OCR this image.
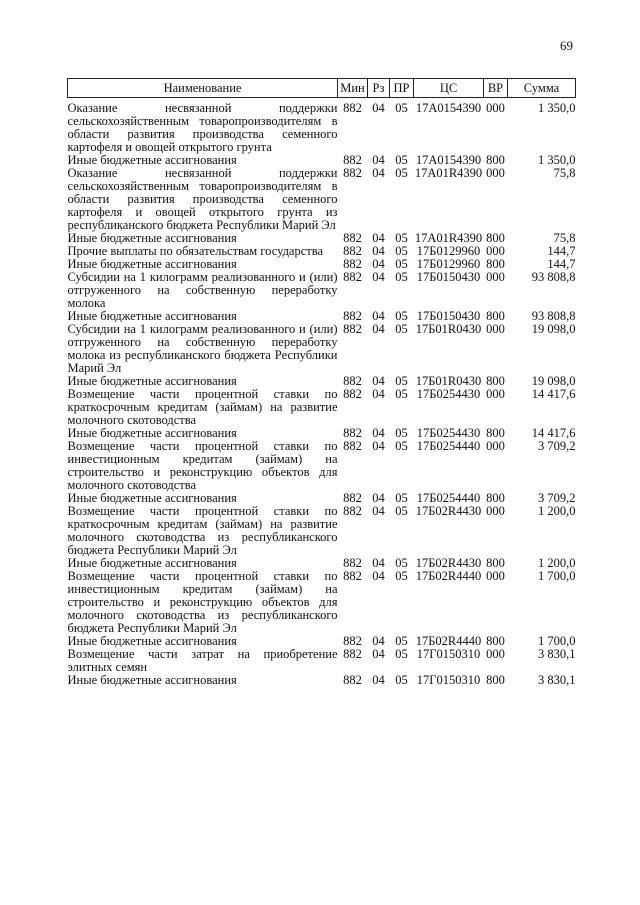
69
Наименование	Мин	Рз	ПР	ЦС	ВР	Сумма
Оказание несвязанной поддержки сельскохозяйственным товаропроизводителям в области развития производства семенного картофеля и овощей открытого грунта	882	04	05	17А0154390	000	1 350,0
Иные бюджетные ассигнования	882	04	05	17А0154390	800	1 350,0
Оказание несвязанной поддержки сельскохозяйственным товаропроизводителям в области развития производства семенного картофеля и овощей открытого грунта из республиканского бюджета Республики Марий Эл	882	04	05	17А01R4390	000	75,8
Иные бюджетные ассигнования	882	04	05	17А01R4390	800	75,8
Прочие выплаты по обязательствам государства	882	04	05	17Б0129960	000	144,7
Иные бюджетные ассигнования	882	04	05	17Б0129960	800	144,7
Субсидии на 1 килограмм реализованного и (или) отгруженного на собственную переработку молока	882	04	05	17Б0150430	000	93 808,8
Иные бюджетные ассигнования	882	04	05	17Б0150430	800	93 808,8
Субсидии на 1 килограмм реализованного и (или) отгруженного на собственную переработку молока из республиканского бюджета Республики Марий Эл	882	04	05	17Б01R0430	000	19 098,0
Иные бюджетные ассигнования	882	04	05	17Б01R0430	800	19 098,0
Возмещение части процентной ставки по краткосрочным кредитам (займам) на развитие молочного скотоводства	882	04	05	17Б0254430	000	14 417,6
Иные бюджетные ассигнования	882	04	05	17Б0254430	800	14 417,6
Возмещение части процентной ставки по инвестиционным кредитам (займам) на строительство и реконструкцию объектов для молочного скотоводства	882	04	05	17Б0254440	000	3 709,2
Иные бюджетные ассигнования	882	04	05	17Б0254440	800	3 709,2
Возмещение части процентной ставки по краткосрочным кредитам (займам) на развитие молочного скотоводства из республиканского бюджета Республики Марий Эл	882	04	05	17Б02R4430	000	1 200,0
Иные бюджетные ассигнования	882	04	05	17Б02R4430	800	1 200,0
Возмещение части процентной ставки по инвестиционным кредитам (займам) на строительство и реконструкцию объектов для молочного скотоводства из республиканского бюджета Республики Марий Эл	882	04	05	17Б02R4440	000	1 700,0
Иные бюджетные ассигнования	882	04	05	17Б02R4440	800	1 700,0
Возмещение части затрат на приобретение элитных семян	882	04	05	17Г0150310	000	3 830,1
Иные бюджетные ассигнования	882	04	05	17Г0150310	800	3 830,1
